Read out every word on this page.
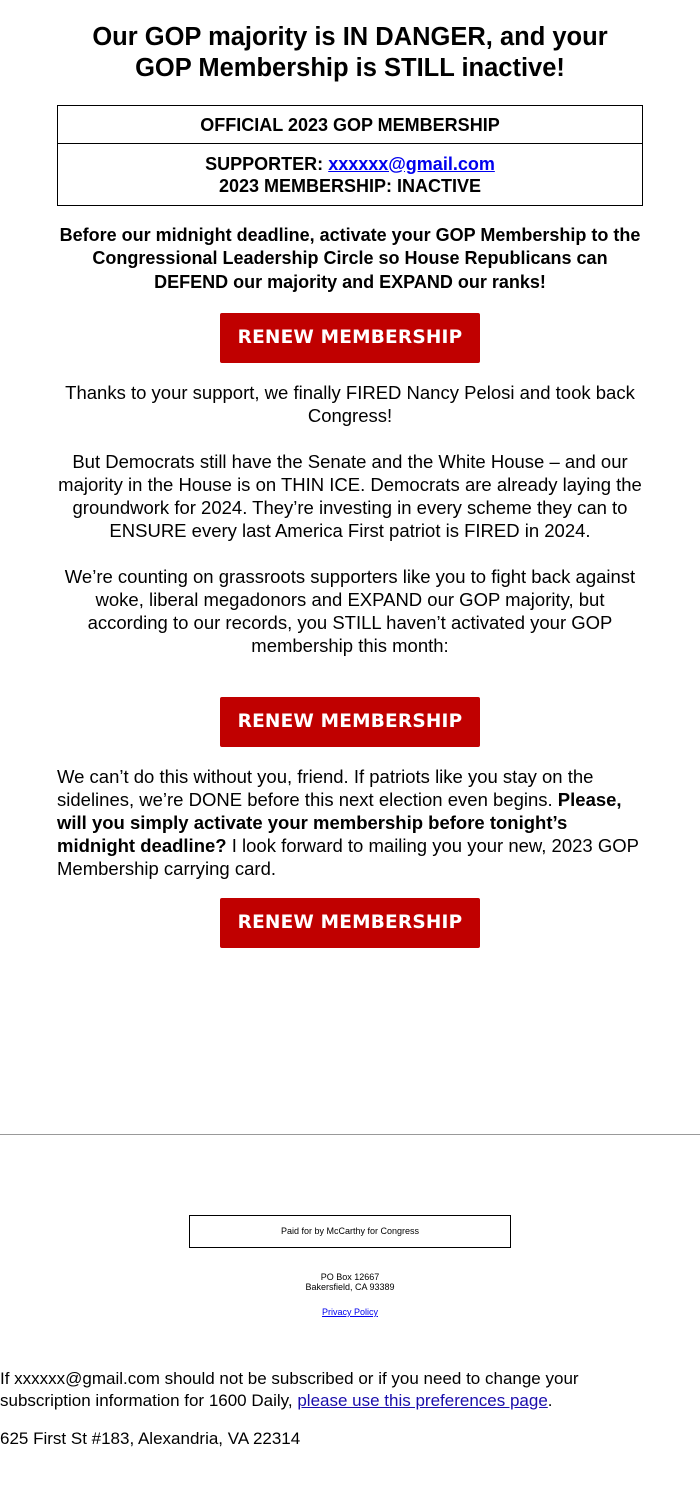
Our GOP majority is IN DANGER, and your
GOP Membership is STILL inactive!
OFFICIAL 2023 GOP MEMBERSHIP
SUPPORTER: xxxxxx@gmail.com
2023 MEMBERSHIP: INACTIVE

Before our midnight deadline, activate your GOP Membership to the Congressional Leadership Circle so House Republicans can DEFEND our majority and EXPAND our ranks!

RENEW MEMBERSHIP

Thanks to your support, we finally FIRED Nancy Pelosi and took back Congress!

But Democrats still have the Senate and the White House – and our majority in the House is on THIN ICE. Democrats are already laying the groundwork for 2024. They’re investing in every scheme they can to ENSURE every last America First patriot is FIRED in 2024.

We’re counting on grassroots supporters like you to fight back against woke, liberal megadonors and EXPAND our GOP majority, but according to our records, you STILL haven’t activated your GOP membership this month:

RENEW MEMBERSHIP

We can’t do this without you, friend. If patriots like you stay on the sidelines, we’re DONE before this next election even begins. Please, will you simply activate your membership before tonight’s midnight deadline? I look forward to mailing you your new, 2023 GOP Membership carrying card.

RENEW MEMBERSHIP
Paid for by McCarthy for Congress
PO Box 12667
Bakersfield, CA 93389
Privacy Policy
If xxxxxx@gmail.com should not be subscribed or if you need to change your subscription information for 1600 Daily, please use this preferences page.
625 First St #183, Alexandria, VA 22314
